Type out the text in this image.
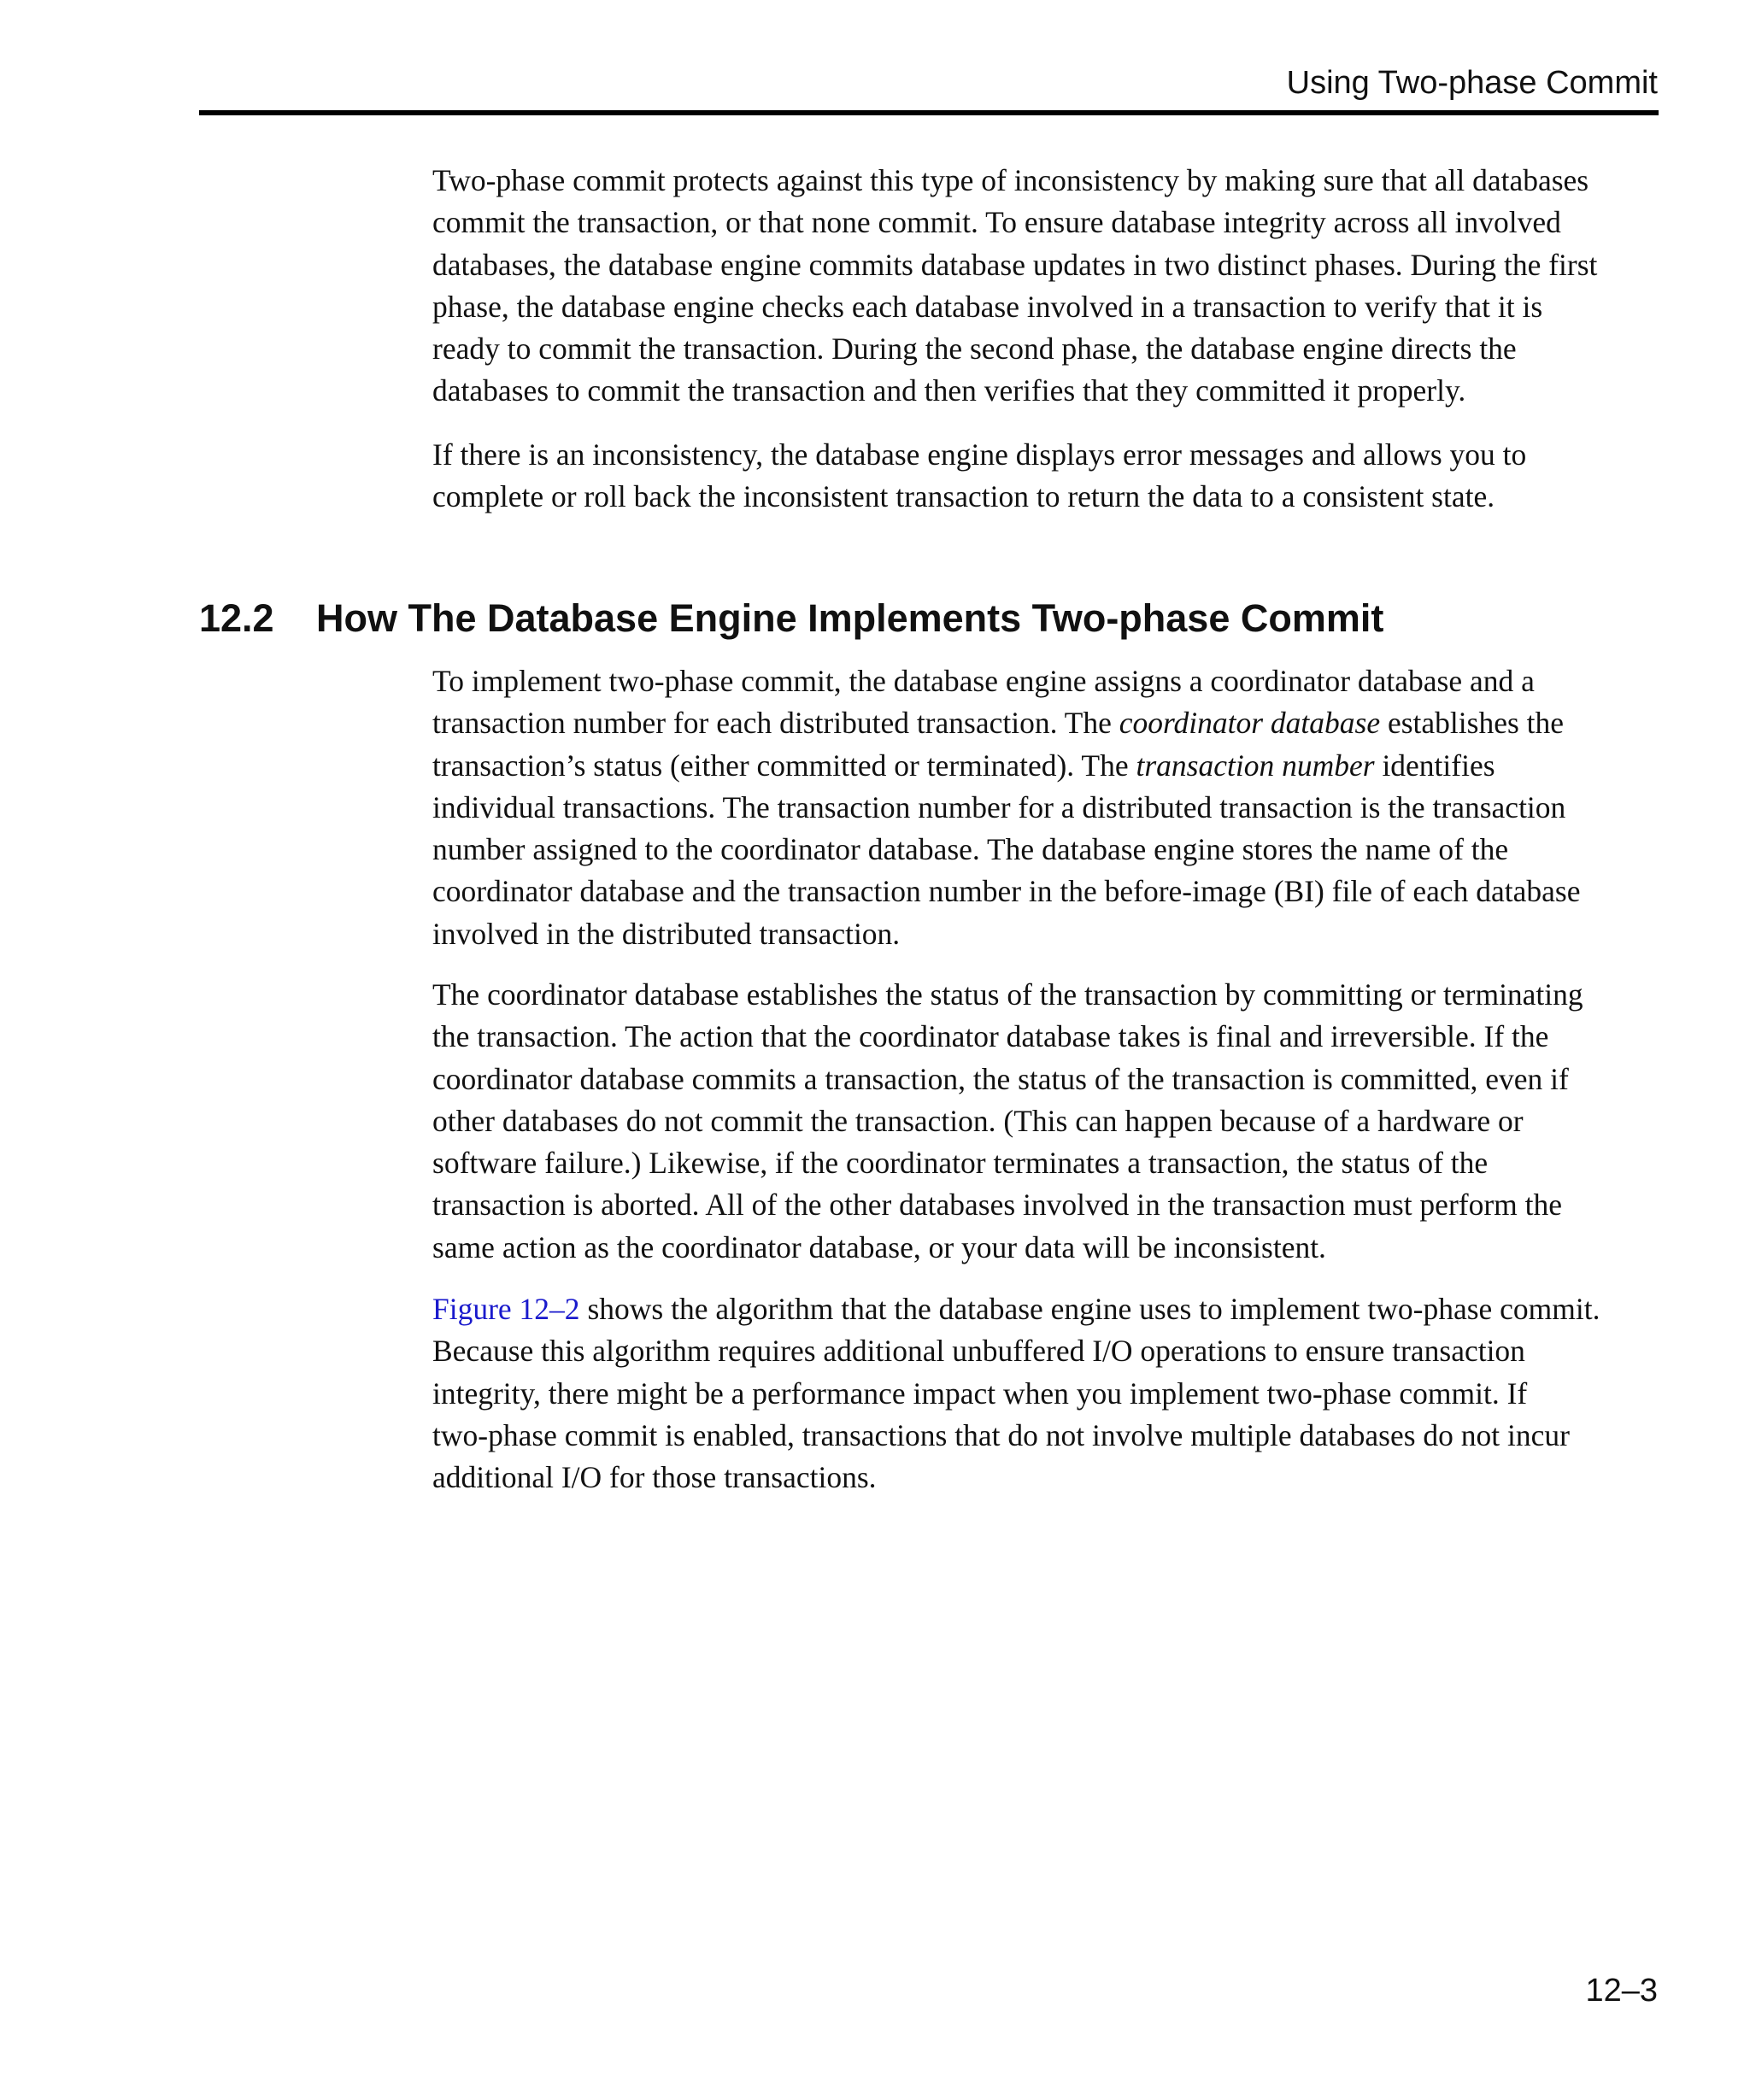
Using Two-phase Commit

Two-phase commit protects against this type of inconsistency by making sure that all databases

commit the transaction, or that none commit. To ensure database integrity across all involved

databases, the database engine commits database updates in two distinct phases. During the first

phase, the database engine checks each database involved in a transaction to verify that it is

ready to commit the transaction. During the second phase, the database engine directs the

databases to commit the transaction and then verifies that they committed it properly.

If there is an inconsistency, the database engine displays error messages and allows you to

complete or roll back the inconsistent transaction to return the data to a consistent state.

12.2 How The Database Engine Implements Two-phase Commit

To implement two-phase commit, the database engine assigns a coordinator database and a

transaction number for each distributed transaction. The coordinator database establishes the

transaction’s status (either committed or terminated). The transaction number identifies

individual transactions. The transaction number for a distributed transaction is the transaction

number assigned to the coordinator database. The database engine stores the name of the

coordinator database and the transaction number in the before-image (BI) file of each database

involved in the distributed transaction.

The coordinator database establishes the status of the transaction by committing or terminating

the transaction. The action that the coordinator database takes is final and irreversible. If the

coordinator database commits a transaction, the status of the transaction is committed, even if

other databases do not commit the transaction. (This can happen because of a hardware or

software failure.) Likewise, if the coordinator terminates a transaction, the status of the

transaction is aborted. All of the other databases involved in the transaction must perform the

same action as the coordinator database, or your data will be inconsistent.

Figure 12–2 shows the algorithm that the database engine uses to implement two-phase commit.

Because this algorithm requires additional unbuffered I/O operations to ensure transaction

integrity, there might be a performance impact when you implement two-phase commit. If

two-phase commit is enabled, transactions that do not involve multiple databases do not incur

additional I/O for those transactions.

12–3
